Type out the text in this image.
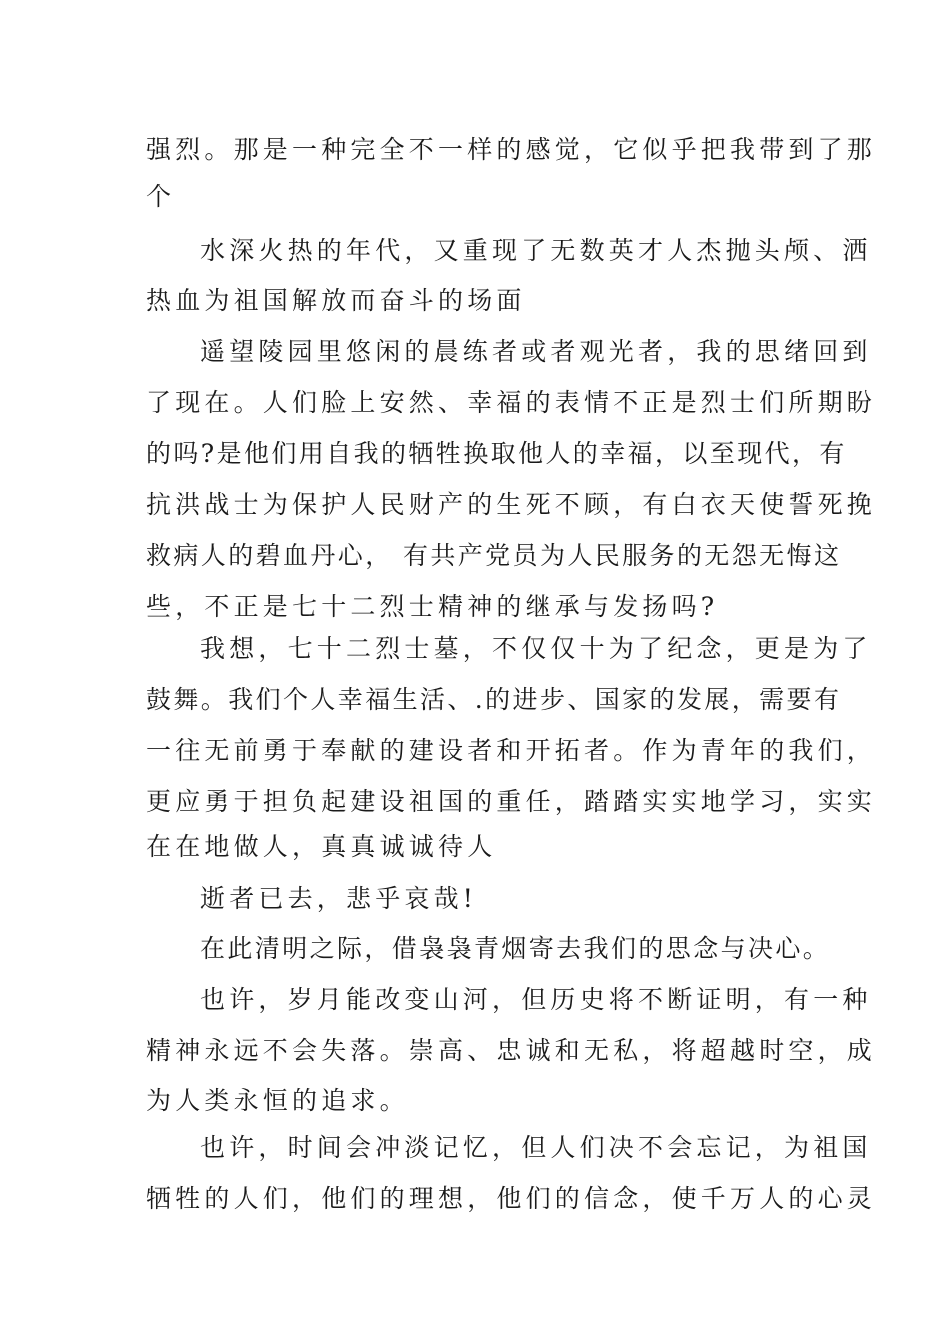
强烈。那是一种完全不一样的感觉，它似乎把我带到了那

个

水深火热的年代，又重现了无数英才人杰抛头颅、洒

热血为祖国解放而奋斗的场面

遥望陵园里悠闲的晨练者或者观光者，我的思绪回到

了现在。人们脸上安然、幸福的表情不正是烈士们所期盼

的吗?是他们用自我的牺牲换取他人的幸福，以至现代，有

抗洪战士为保护人民财产的生死不顾，有白衣天使誓死挽

救病人的碧血丹心， 有共产党员为人民服务的无怨无悔这

些，不正是七十二烈士精神的继承与发扬吗?

我想，七十二烈士墓，不仅仅十为了纪念，更是为了

鼓舞。我们个人幸福生活、.的进步、国家的发展，需要有

一往无前勇于奉献的建设者和开拓者。作为青年的我们，

更应勇于担负起建设祖国的重任，踏踏实实地学习，实实

在在地做人，真真诚诚待人

逝者已去，悲乎哀哉!

在此清明之际，借袅袅青烟寄去我们的思念与决心。

也许，岁月能改变山河，但历史将不断证明，有一种

精神永远不会失落。崇高、忠诚和无私，将超越时空，成

为人类永恒的追求。

也许，时间会冲淡记忆，但人们决不会忘记，为祖国

牺牲的人们，他们的理想，他们的信念，使千万人的心灵
